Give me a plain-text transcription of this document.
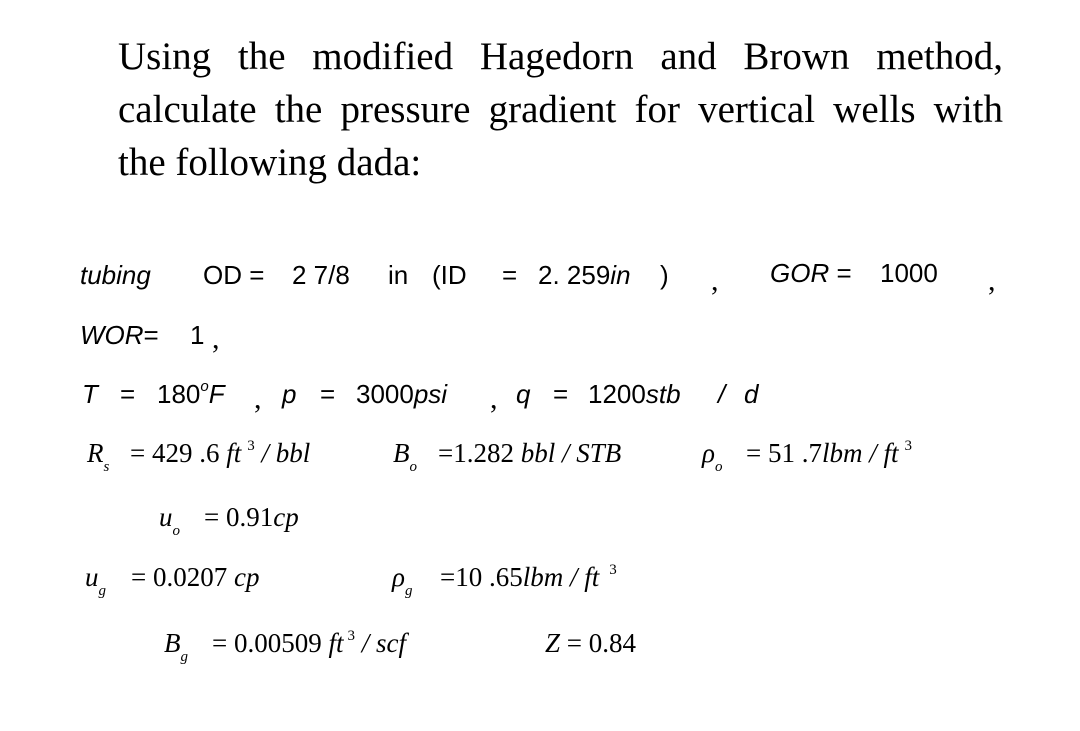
Using the modified Hagedorn and Brown method,
calculate the pressure gradient for vertical wells with
the following dada:
tubing OD = 2 7/8 in (ID = 2. 259in ) , GOR = 1000 ,
WOR= 1 ,
$T = 180^oF$ , p = 3000psi , q = 1200stb / d
$R_s = 429$ .6 ft $^3$ / bbl	$B_o =1.282$ bbl / STB	$\rho_o = 51$ .7lbm / ft $^3$
$u_o = 0.91cp$
$u_g = 0.0207$ cp	$\rho_g =10$ .65lbm / ft $^3$
$B_g = 0.00509$ ft $^3$ / scf	Z = 0.84
